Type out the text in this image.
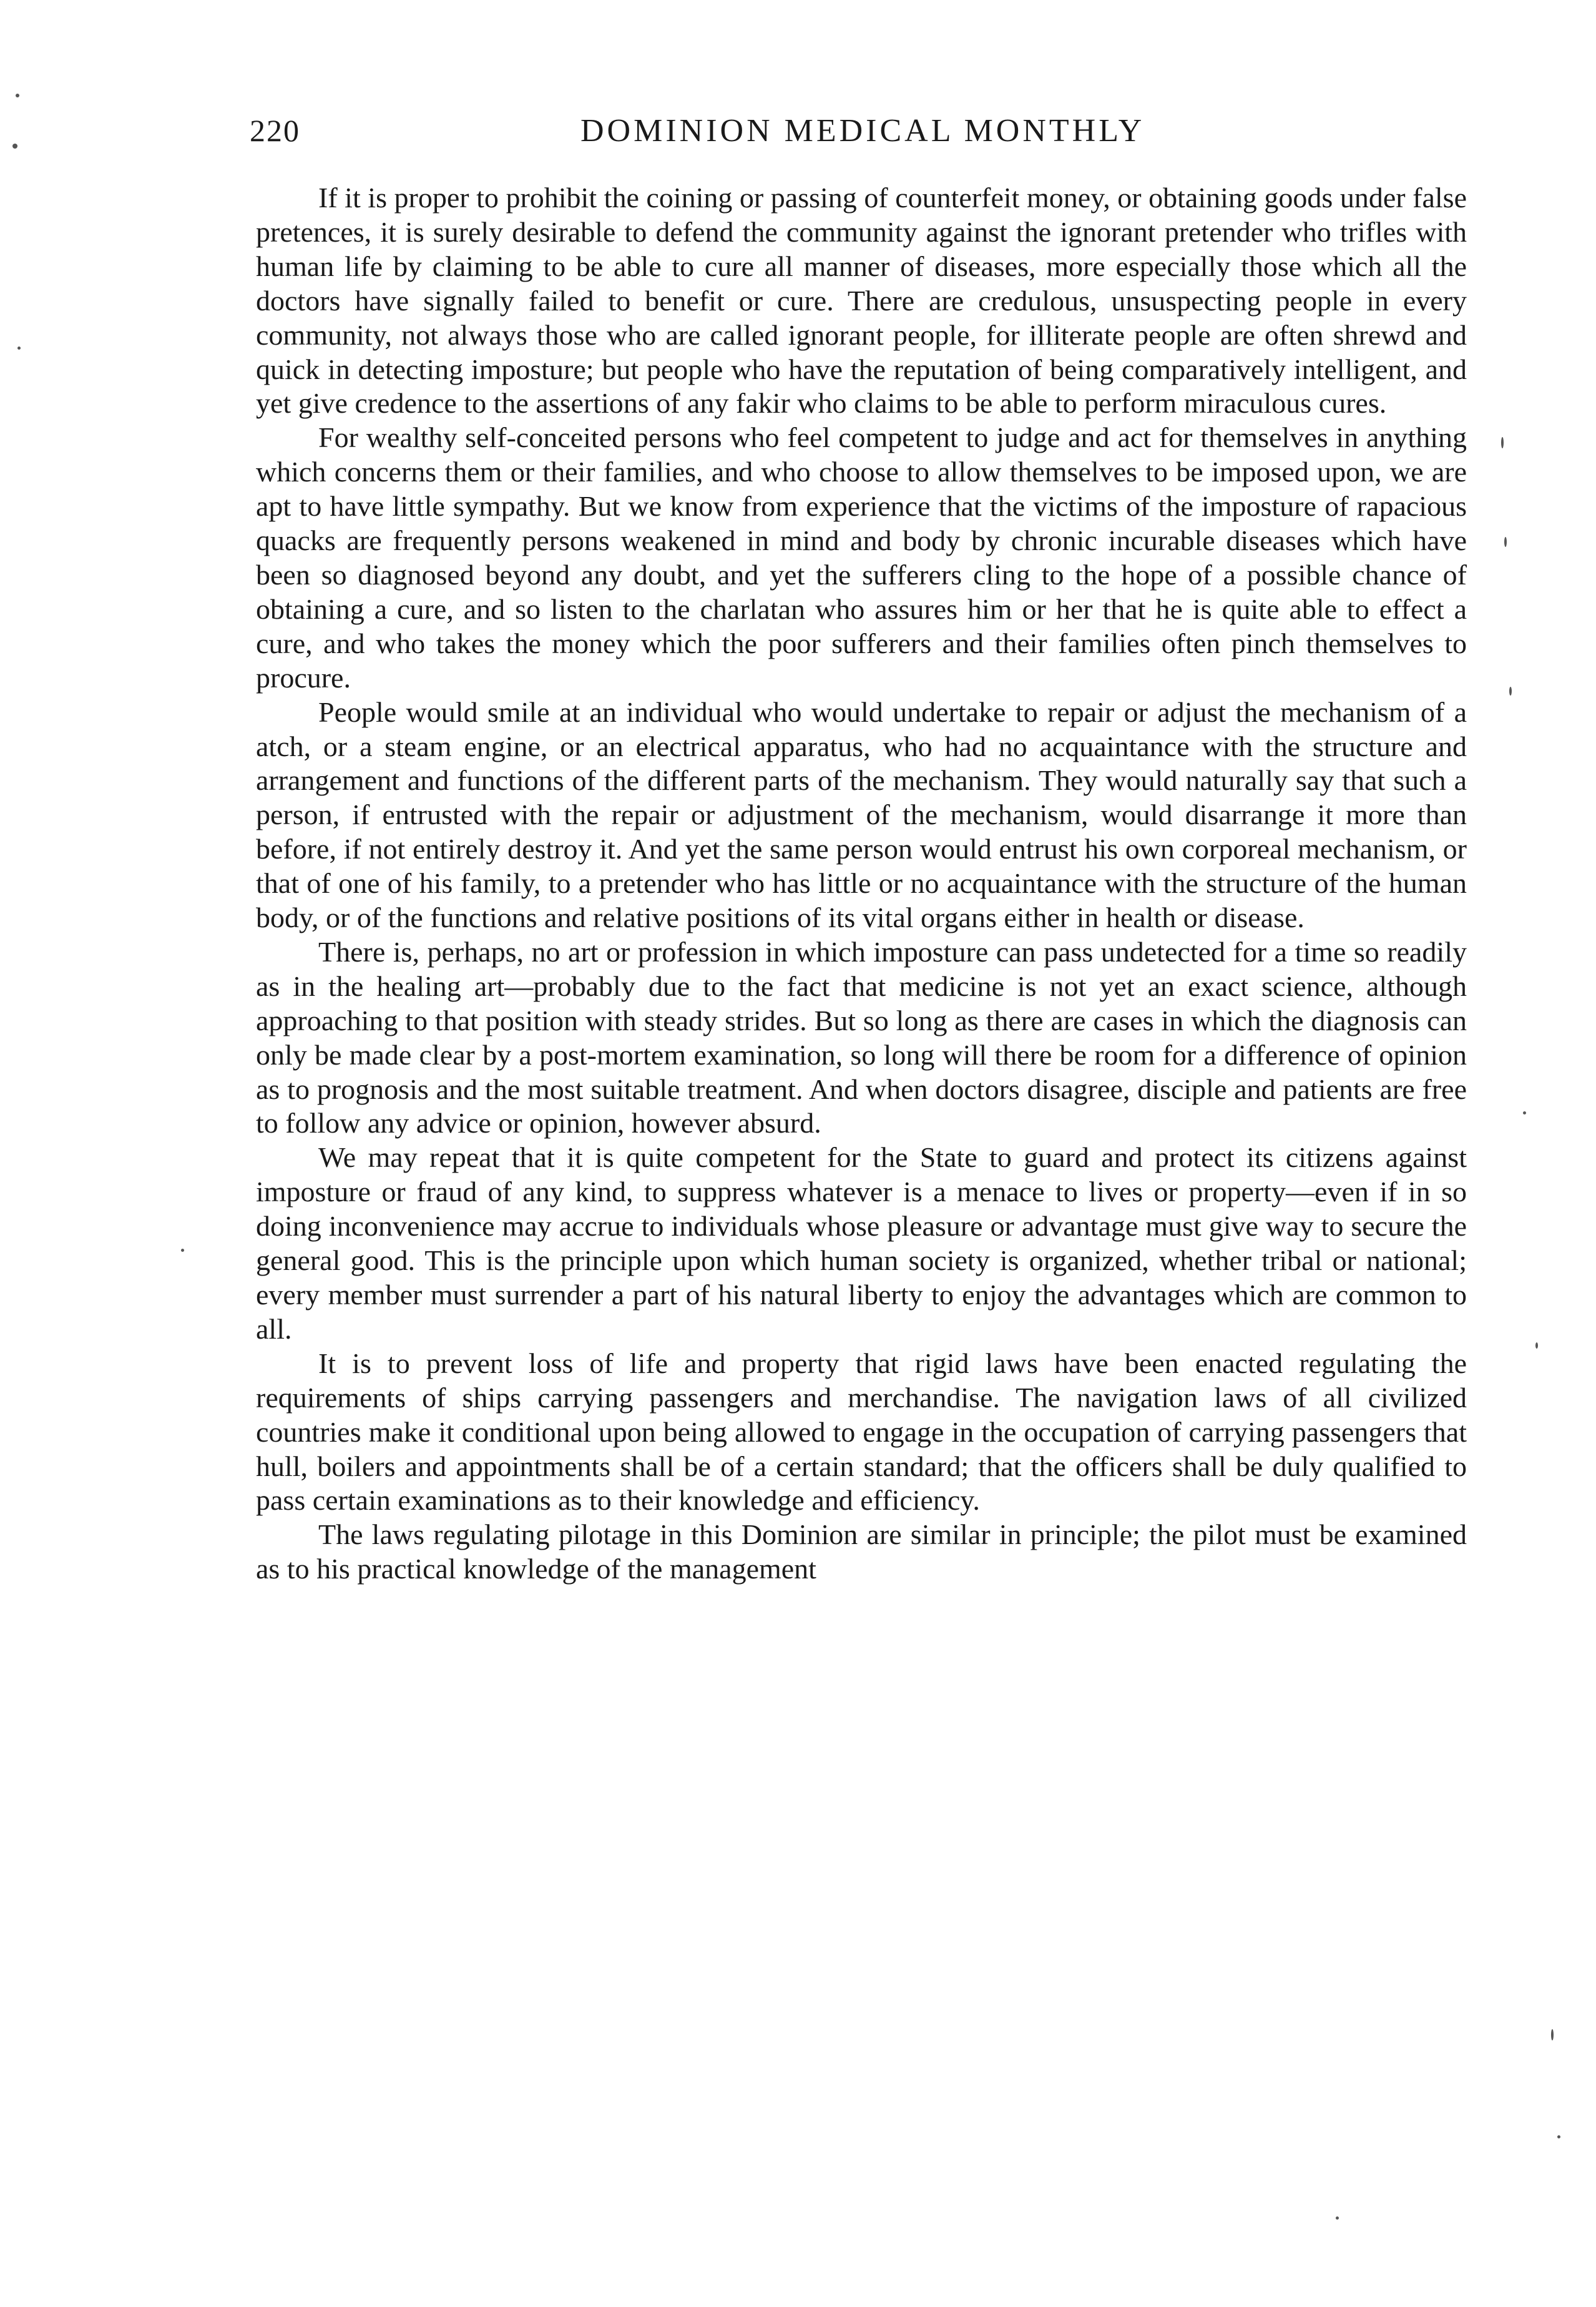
220	DOMINION MEDICAL MONTHLY

If it is proper to prohibit the coining or passing of counterfeit money, or obtaining goods under false pretences, it is surely desirable to defend the community against the ignorant pretender who trifles with human life by claiming to be able to cure all manner of diseases, more especially those which all the doctors have signally failed to benefit or cure. There are credulous, unsuspecting people in every community, not always those who are called ignorant people, for illiterate people are often shrewd and quick in detecting imposture; but people who have the reputation of being comparatively intelligent, and yet give credence to the assertions of any fakir who claims to be able to perform miraculous cures.

For wealthy self-conceited persons who feel competent to judge and act for themselves in anything which concerns them or their families, and who choose to allow themselves to be imposed upon, we are apt to have little sympathy. But we know from experience that the victims of the imposture of rapacious quacks are frequently persons weakened in mind and body by chronic incurable diseases which have been so diagnosed beyond any doubt, and yet the sufferers cling to the hope of a possible chance of obtaining a cure, and so listen to the charlatan who assures him or her that he is quite able to effect a cure, and who takes the money which the poor sufferers and their families often pinch themselves to procure.

People would smile at an individual who would undertake to repair or adjust the mechanism of a atch, or a steam engine, or an electrical apparatus, who had no acquaintance with the structure and arrangement and functions of the different parts of the mechanism. They would naturally say that such a person, if entrusted with the repair or adjustment of the mechanism, would disarrange it more than before, if not entirely destroy it. And yet the same person would entrust his own corporeal mechanism, or that of one of his family, to a pretender who has little or no acquaintance with the structure of the human body, or of the functions and relative positions of its vital organs either in health or disease.

There is, perhaps, no art or profession in which imposture can pass undetected for a time so readily as in the healing art—probably due to the fact that medicine is not yet an exact science, although approaching to that position with steady strides. But so long as there are cases in which the diagnosis can only be made clear by a post-mortem examination, so long will there be room for a difference of opinion as to prognosis and the most suitable treatment. And when doctors disagree, disciple and patients are free to follow any advice or opinion, however absurd.

We may repeat that it is quite competent for the State to guard and protect its citizens against imposture or fraud of any kind, to suppress whatever is a menace to lives or property—even if in so doing inconvenience may accrue to individuals whose pleasure or advantage must give way to secure the general good. This is the principle upon which human society is organized, whether tribal or national; every member must surrender a part of his natural liberty to enjoy the advantages which are common to all.

It is to prevent loss of life and property that rigid laws have been enacted regulating the requirements of ships carrying passengers and merchandise. The navigation laws of all civilized countries make it conditional upon being allowed to engage in the occupation of carrying passengers that hull, boilers and appointments shall be of a certain standard; that the officers shall be duly qualified to pass certain examinations as to their knowledge and efficiency.

The laws regulating pilotage in this Dominion are similar in principle; the pilot must be examined as to his practical knowledge of the management
